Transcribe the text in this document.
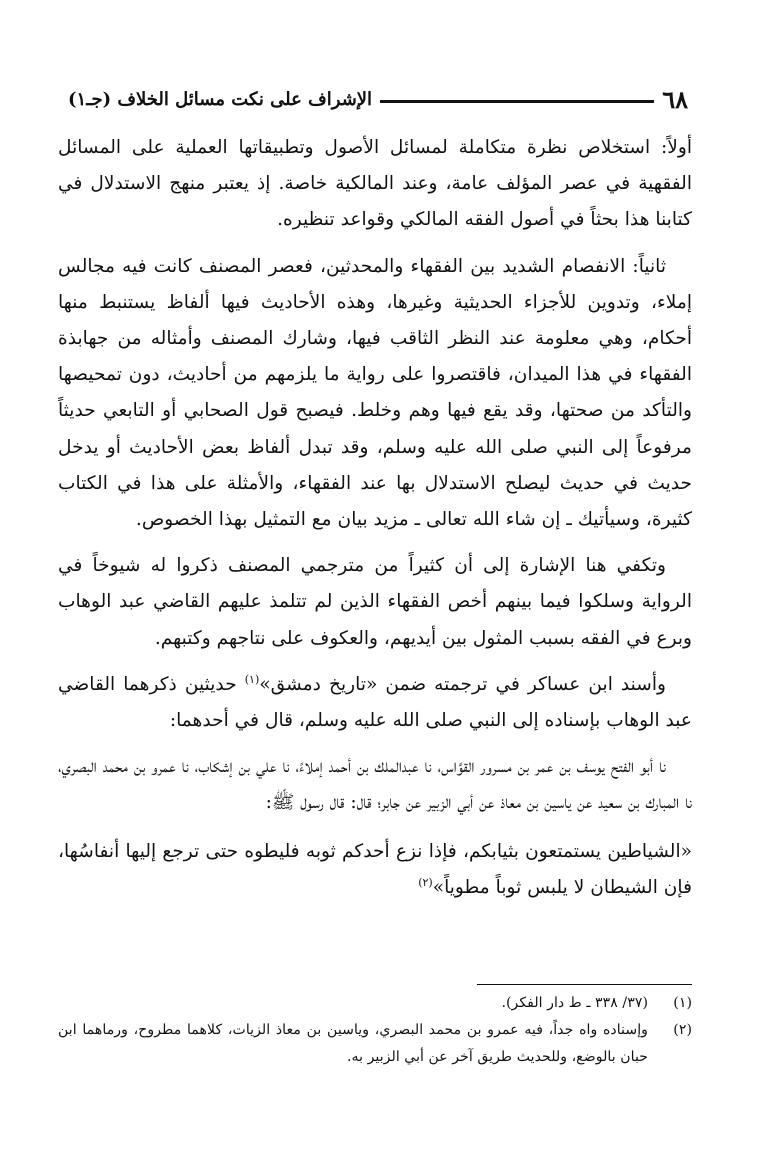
٦٨
الإشراف على نكت مسائل الخلاف (جـ١)

أولاً: استخلاص نظرة متكاملة لمسائل الأصول وتطبيقاتها العملية على المسائل الفقهية في عصر المؤلف عامة، وعند المالكية خاصة. إذ يعتبر منهج الاستدلال في كتابنا هذا بحثاً في أصول الفقه المالكي وقواعد تنظيره.

ثانياً: الانفصام الشديد بين الفقهاء والمحدثين، فعصر المصنف كانت فيه مجالس إملاء، وتدوين للأجزاء الحديثية وغيرها، وهذه الأحاديث فيها ألفاظ يستنبط منها أحكام، وهي معلومة عند النظر الثاقب فيها، وشارك المصنف وأمثاله من جهابذة الفقهاء في هذا الميدان، فاقتصروا على رواية ما يلزمهم من أحاديث، دون تمحيصها والتأكد من صحتها، وقد يقع فيها وهم وخلط. فيصبح قول الصحابي أو التابعي حديثاً مرفوعاً إلى النبي صلى الله عليه وسلم، وقد تبدل ألفاظ بعض الأحاديث أو يدخل حديث في حديث ليصلح الاستدلال بها عند الفقهاء، والأمثلة على هذا في الكتاب كثيرة، وسيأتيك ـ إن شاء الله تعالى ـ مزيد بيان مع التمثيل بهذا الخصوص.

وتكفي هنا الإشارة إلى أن كثيراً من مترجمي المصنف ذكروا له شيوخاً في الرواية وسلكوا فيما بينهم أخص الفقهاء الذين لم تتلمذ عليهم القاضي عبد الوهاب وبرع في الفقه بسبب المثول بين أيديهم، والعكوف على نتاجهم وكتبهم.

وأسند ابن عساكر في ترجمته ضمن «تاريخ دمشق»$^{(١)}$ حديثين ذكرهما القاضي عبد الوهاب بإسناده إلى النبي صلى الله عليه وسلم، قال في أحدهما:

نا أبو الفتح يوسف بن عمر بن مسرور القوَّاس، نا عبدالملك بن أحمد إملاءً، نا علي بن إشكاب، نا عمرو بن محمد البصري، نا المبارك بن سعيد عن ياسين بن معاذ عن أبي الزبير عن جابر؛ قال: قال رسول ﷺ:

«الشياطين يستمتعون بثيابكم، فإذا نزع أحدكم ثوبه فليطوه حتى ترجع إليها أنفاسُها، فإن الشيطان لا يلبس ثوباً مطوياً»$^{(٢)}$

(١)
(٣٧/ ٣٣٨ ـ ط دار الفكر).
(٢)
وإسناده واه جداً، فيه عمرو بن محمد البصري، وياسين بن معاذ الزيات، كلاهما مطروح، ورماهما ابن حبان بالوضع، وللحديث طريق آخر عن أبي الزبير به.
